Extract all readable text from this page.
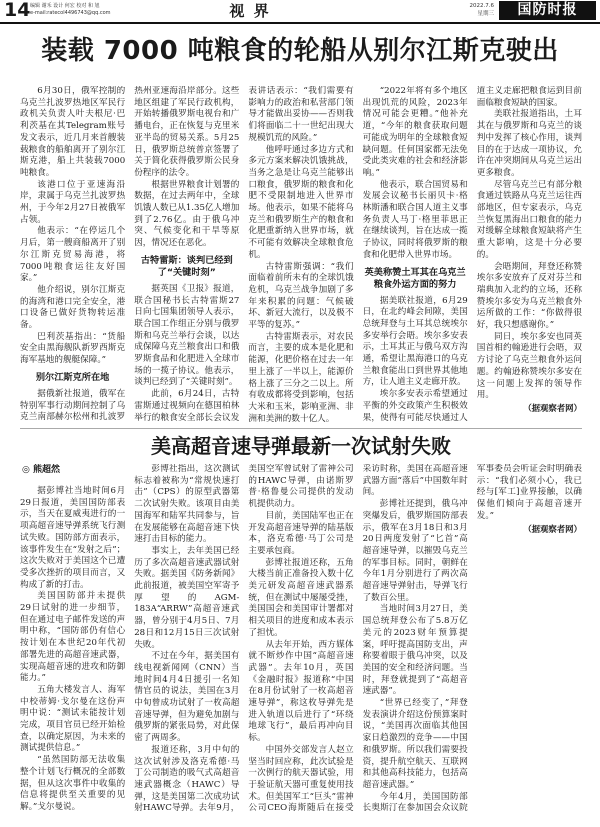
14 编辑 谢禾 设计 何宏 校对 和 旭
e-mail:ratecol4496743@qq.com	视 界	2022.7.6
星期三	国防时报
装载 7000 吨粮食的轮船从别尔江斯克驶出

6月30日，俄军控制的乌克兰扎波罗热地区军民行政机关负责人叶夫根尼·巴利茨基在其Telegram账号发文表示，近几月来首艘装载粮食的船舶离开了别尔江斯克港，船上共装载7000吨粮食。

该港口位于亚速海沿岸，隶属于乌克兰扎波罗热州，于今年2月27日被俄军占领。

他表示：“在停运几个月后，第一艘商船离开了别尔江斯克贸易海港，将7000吨粮食运往友好国家。”

他介绍说，别尔江斯克的海湾和港口完全安全，港口设备已做好货物转运准备。

巴利茨基指出：“货船安全由黑海舰队新罗西斯克海军基地的舰艇保障。”

别尔江斯克所在地

据俄新社报道，俄军在特别军事行动期间控制了乌克兰南部赫尔松州和扎波罗热州亚速海沿岸部分。这些地区组建了军民行政机构，开始转播俄罗斯电视台和广播电台，正在恢复与克里米亚半岛的贸易关系。5月25日，俄罗斯总统普京签署了关于简化获得俄罗斯公民身份程序的法令。

根据世界粮食计划署的数据，在过去两年中，全球饥饿人数已从1.35亿人增加到了2.76亿。由于俄乌冲突、气候变化和干旱等原因，情况还在恶化。

古特雷斯：谈判已经到了“关键时刻”

据英国《卫报》报道，联合国秘书长古特雷斯27日向七国集团领导人表示，联合国工作组正分别与俄罗斯和乌克兰举行会谈，以达成保障乌克兰粮食出口和俄罗斯食品和化肥进入全球市场的一揽子协议。他表示，谈判已经到了“关键时刻”。

此前，6月24日，古特雷斯通过视频向在德国柏林举行的粮食安全部长会议发表讲话表示：“我们需要有影响力的政治和私营部门领导才能做出妥协——否则我们将面临二十一世纪出现大规模饥荒的风险。”

他呼吁通过多边方式和多元方案来解决饥饿挑战，当务之急是让乌克兰能够出口粮食，俄罗斯的粮食和化肥不受限制地进入世界市场。他表示，如果不能将乌克兰和俄罗斯生产的粮食和化肥重新纳入世界市场，就不可能有效解决全球粮食危机。

古特雷斯强调：“我们面临着前所未有的全球饥饿危机，乌克兰战争加剧了多年来积累的问题：气候破坏、新冠大流行，以及极不平等的复苏。”

古特雷斯表示，对农民而言，主要的成本是化肥和能源，化肥价格在过去一年里上涨了一半以上，能源价格上涨了三分之二以上。所有收成都将受到影响，包括大米和玉米，影响亚洲、非洲和美洲的数十亿人。

“2022年将有多个地区出现饥荒的风险，2023年情况可能会更糟。”他补充道，“今年的粮食获取问题可能成为明年的全球粮食短缺问题。任何国家都无法免受此类灾难的社会和经济影响。”

他表示，联合国贸易和发展会议秘书长丽贝卡·格林斯潘和联合国人道主义事务负责人马丁·格里菲思正在继续谈判，旨在达成一揽子协议，同时将俄罗斯的粮食和化肥带入世界市场。

英美称赞土耳其在乌克兰粮食外运方面的努力

据美联社报道，6月29日，在北约峰会间隙，美国总统拜登与土耳其总统埃尔多安举行会晤。埃尔多安表示，土耳其正与俄乌双方沟通，希望让黑海港口的乌克兰粮食能出口到世界其他地方，让人道主义走廊开放。

埃尔多安表示希望通过平衡的外交政策产生积极效果，使得有可能尽快通过人道主义走廊把粮食运到目前面临粮食短缺的国家。

美联社报道指出，土耳其在与俄罗斯和乌克兰的谈判中发挥了核心作用，谈判目的在于达成一项协议，允许在冲突期间从乌克兰运出更多粮食。

尽管乌克兰已有部分粮食通过铁路从乌克兰运往西部地区，但专家表示，乌克兰恢复黑海出口粮食的能力对缓解全球粮食短缺将产生重大影响，这是十分必要的。

会晤期间，拜登还称赞埃尔多安放弃了反对芬兰和瑞典加入北约的立场，还称赞埃尔多安为乌克兰粮食外运所做的工作：“你做得很好，我只想感谢你。”

同日，埃尔多安也同英国首相约翰逊进行会晤，双方讨论了乌克兰粮食外运问题。约翰逊称赞埃尔多安在这一问题上发挥的领导作用。

（据观察者网）
美高超音速导弹最新一次试射失败
◎ 熊超然

据彭博社当地时间6月29日报道，美国国防部表示，当天在夏威夷进行的一项高超音速导弹系统飞行测试失败。国防部方面表示，该事件发生在“发射之后”；这次失败对于美国这个已遭受多次挫折的项目而言，又构成了新的打击。

美国国防部并未提供29日试射的进一步细节，但在通过电子邮件发送的声明中称，“国防部仍有信心按计划在本世纪20年代初部署先进的高超音速武器，实现高超音速的进攻和防御能力。”

五角大楼发言人、海军中校蒂姆·戈尔曼在这份声明中说：“测试未能按计划完成，项目官员已经开始检查，以确定原因，为未来的测试提供信息。”

“虽然国防部无法收集整个计划飞行概况的全部数据，但从这次事件中收集的信息将提供至关重要的见解。”戈尔曼说。

彭博社指出，这次测试标志着被称为“常规快速打击”（CPS）的原型武器第二次试射失败。该项目由美国海军和陆军共同参与，旨在发展能够在高超音速下快速打击目标的能力。

事实上，去年美国已经历了多次高超音速武器试射失败。据美国《防务新闻》此前报道，被美国空军寄予厚望的AGM-183A“ARRW”高超音速武器，曾分别于4月5日、7月28日和12月15日三次试射失败。

不过在今年，据美国有线电视新闻网（CNN）当地时间4月4日援引一名知情官员的说法，美国在3月中旬曾成功试射了一枚高超音速导弹，但为避免加剧与俄罗斯的紧张局势，对此保密了两周多。

报道还称，3月中旬的这次试射涉及洛克希德·马丁公司制造的吸气式高超音速武器概念（HAWC）导弹，这是美国第二次成功试射HAWC导弹。去年9月，美国空军曾试射了雷神公司的HAWC导弹，由诺斯罗普·格鲁曼公司提供的发动机提供动力。

目前，美国陆军也正在开发高超音速导弹的陆基版本，洛克希德·马丁公司是主要承包商。

彭博社报道还称，五角大楼当前正准备投入数十亿美元研发高超音速武器系统，但在测试中屡屡受挫，美国国会和美国审计署都对相关项目的进度和成本表示了担忧。

从去年开始，西方媒体就不断炒作中国“高超音速武器”。去年10月，英国《金融时报》报道称“中国在8月份试射了一枚高超音速导弹”，称这枚导弹先是进入轨道以后进行了“环绕地球飞行”，最后再冲向目标。

中国外交部发言人赵立坚当时回应称，此次试验是一次例行的航天器试验，用于验证航天器可重复使用技术。但美国军工“巨头”雷神公司CEO海斯随后在接受采访时称，美国在高超音速武器方面“落后”中国数年时间。

彭博社还提到，俄乌冲突爆发后，俄罗斯国防部表示，俄军在3月18日和3月20日两度发射了“匕首”高超音速导弹，以摧毁乌克兰的军事目标。同时，朝鲜在今年1月分别进行了两次高超音速导弹射击，导弹飞行了数百公里。

当地时间3月27日，美国总统拜登公布了5.8万亿美元的2023财年预算提案，呼吁提高国防支出，声称要着眼于俄乌冲突，以及美国的安全和经济问题。当时，拜登就提到了“高超音速武器”。

“世界已经变了，”拜登发表演讲介绍这份预算案时说，“美国再次面临其他国家日趋激烈的竞争——中国和俄罗斯。所以我们需要投资，提升航空航天、互联网和其他高科技能力，包括高超音速武器。”

今年4月，美国国防部长奥斯汀在参加国会众议院军事委员会听证会时明确表示：“我们必须小心，我已经与[军工]业界接触，以确保他们倾向于高超音速开发。”

（据观察者网）
